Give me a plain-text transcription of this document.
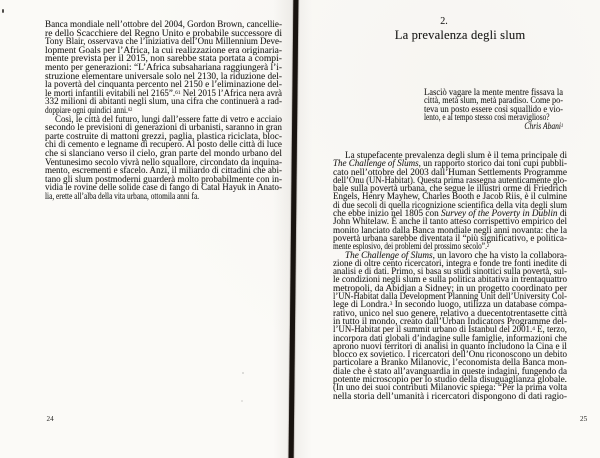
Banca mondiale nell’ottobre del 2004, Gordon Brown, cancellie-
re dello Scacchiere del Regno Unito e probabile successore di
Tony Blair, osservava che l’iniziativa dell’Onu Millennium Deve-
lopment Goals per l’Africa, la cui realizzazione era originaria-
mente prevista per il 2015, non sarebbe stata portata a compi-
mento per generazioni: “L’Africa subsahariana raggiungerà l’i-
struzione elementare universale solo nel 2130, la riduzione del-
la povertà del cinquanta percento nel 2150 e l’eliminazione del-
le morti infantili evitabili nel 2165”.$^{61}$ Nel 2015 l’Africa nera avrà
332 milioni di abitanti negli slum, una cifra che continuerà a rad-
doppiare ogni quindici anni.$^{62}$
Così, le città del futuro, lungi dall’essere fatte di vetro e acciaio
secondo le previsioni di generazioni di urbanisti, saranno in gran
parte costruite di mattoni grezzi, paglia, plastica riciclata, bloc-
chi di cemento e legname di recupero. Al posto delle città di luce
che si slanciano verso il cielo, gran parte del mondo urbano del
Ventunesimo secolo vivrà nello squallore, circondato da inquina-
mento, escrementi e sfacelo. Anzi, il miliardo di cittadini che abi-
tano gli slum postmoderni guarderà molto probabilmente con in-
vidia le rovine delle solide case di fango di Catal Hayuk in Anato-
lia, erette all’alba della vita urbana, ottomila anni fa.
24
2.
La prevalenza degli slum
Lasciò vagare la mente mentre fissava la
città, metà slum, metà paradiso. Come po-
teva un posto essere così squallido e vio-
lento, e al tempo stesso così meraviglioso?
Chris Abani$^1$
La stupefacente prevalenza degli slum è il tema principale di
The Challenge of Slums, un rapporto storico dai toni cupi pubbli-
cato nell’ottobre del 2003 dall’Human Settlements Programme
dell’Onu (UN-Habitat). Questa prima rassegna autenticamente glo-
bale sulla povertà urbana, che segue le illustri orme di Friedrich
Engels, Henry Mayhew, Charles Booth e Jacob Riis, è il culmine
di due secoli di quella ricognizione scientifica della vita degli slum
che ebbe inizio nel 1805 con Survey of the Poverty in Dublin di
John Whitelaw. È anche il tanto atteso corrispettivo empirico del
monito lanciato dalla Banca mondiale negli anni novanta: che la
povertà urbana sarebbe diventata il “più significativo, e politica-
mente esplosivo, dei problemi del prossimo secolo”.$^2$
The Challenge of Slums, un lavoro che ha visto la collabora-
zione di oltre cento ricercatori, integra e fonde tre fonti inedite di
analisi e di dati. Primo, si basa su studi sinottici sulla povertà, sul-
le condizioni negli slum e sulla politica abitativa in trentaquattro
metropoli, da Abidjan a Sidney; in un progetto coordinato per
l’UN-Habitat dalla Development Planning Unit dell’University Col-
lege di Londra.$^3$ In secondo luogo, utilizza un database compa-
rativo, unico nel suo genere, relativo a duecentotrentasette città
in tutto il mondo, creato dall’Urban Indicators Programme del-
l’UN-Habitat per il summit urbano di Istanbul del 2001.$^4$ E, terzo,
incorpora dati globali d’indagine sulle famiglie, informazioni che
aprono nuovi territori di analisi in quanto includono la Cina e il
blocco ex sovietico. I ricercatori dell’Onu riconoscono un debito
particolare a Branko Milanovic, l’economista della Banca mon-
diale che è stato all’avanguardia in queste indagini, fungendo da
potente microscopio per lo studio della disuguaglianza globale.
(In uno dei suoi contributi Milanovic spiega: “Per la prima volta
nella storia dell’umanità i ricercatori dispongono di dati ragio-
25
